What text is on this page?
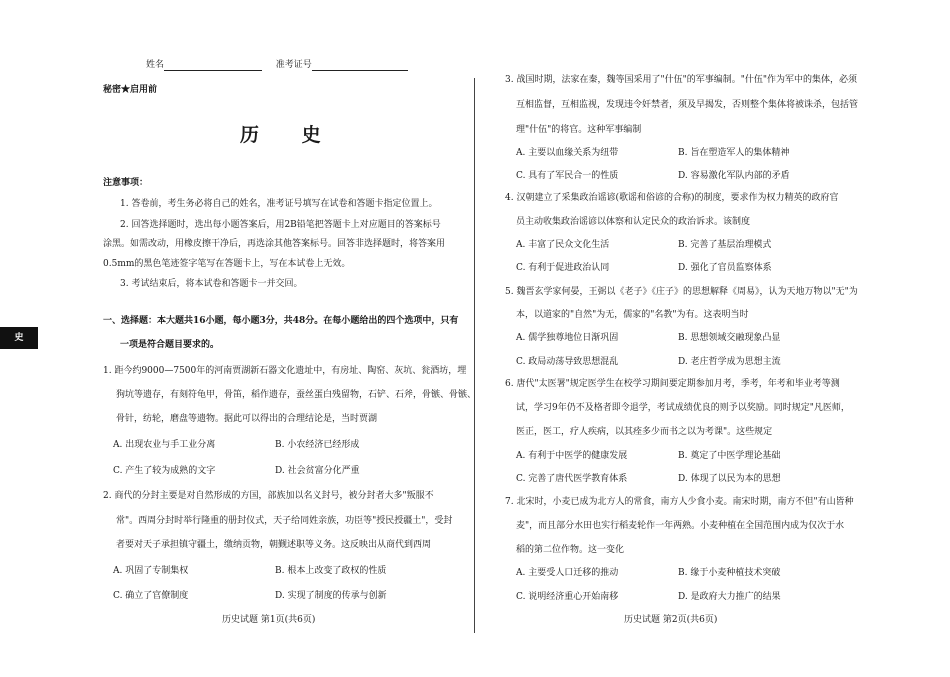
姓名	准考证号
秘密★启用前
历 史
史
注意事项：
1. 答卷前，考生务必将自己的姓名，准考证号填写在试卷和答题卡指定位置上。
2. 回答选择题时，选出每小题答案后，用2B铅笔把答题卡上对应题目的答案标号
涂黑。如需改动，用橡皮擦干净后，再选涂其他答案标号。回答非选择题时，将答案用
0.5mm的黑色笔迹签字笔写在答题卡上，写在本试卷上无效。
3. 考试结束后，将本试卷和答题卡一并交回。
一、选择题：本大题共16小题，每小题3分，共48分。在每小题给出的四个选项中，只有
一项是符合题目要求的。
1. 距今约9000—7500年的河南贾湖新石器文化遗址中，有房址、陶窑、灰坑、瓮酒坊，埋
狗坑等遗存，有刻符龟甲，骨笛，稻作遗存，蚕丝蛋白残留物，石铲、石斧，骨镞、骨镞、
骨针，纺轮，磨盘等遗物。据此可以得出的合理结论是，当时贾湖
A. 出现农业与手工业分离	B. 小农经济已经形成
C. 产生了较为成熟的文字	D. 社会贫富分化严重
2. 商代的分封主要是对自然形成的方国，部族加以名义封号，被分封者大多"叛服不
常"。西周分封时举行隆重的册封仪式，天子给同姓亲族，功臣等"授民授疆土"，受封
者要对天子承担镇守疆土，缴纳贡物，朝觐述职等义务。这反映出从商代到西周
A. 巩固了专制集权	B. 根本上改变了政权的性质
C. 确立了官僚制度	D. 实现了制度的传承与创新
3. 战国时期，法家在秦，魏等国采用了"什伍"的军事编制。"什伍"作为军中的集体，必须
互相监督，互相监视，发现违令奸禁者，须及早揭发，否则整个集体将被诛杀，包括管
理"什伍"的将官。这种军事编制
A. 主要以血缘关系为纽带	B. 旨在塑造军人的集体精神
C. 具有了军民合一的性质	D. 容易激化军队内部的矛盾
4. 汉朝建立了采集政治谣谚(歌谣和俗谚的合称)的制度，要求作为权力精英的政府官
员主动收集政治谣谚以体察和认定民众的政治诉求。该制度
A. 丰富了民众文化生活	B. 完善了基层治理模式
C. 有利于促进政治认同	D. 强化了官员监察体系
5. 魏晋玄学家何晏，王弼以《老子》《庄子》的思想解释《周易》，认为天地万物以"无"为
本，以道家的"自然"为无，儒家的"名教"为有。这表明当时
A. 儒学独尊地位日渐巩固	B. 思想领域交融现象凸显
C. 政局动荡导致思想混乱	D. 老庄哲学成为思想主流
6. 唐代"太医署"规定医学生在校学习期间要定期参加月考，季考，年考和毕业考等测
试，学习9年仍不及格者即令退学，考试成绩优良的则予以奖励。同时规定"凡医师，
医正，医工，疗人疾病，以其痊多少而书之以为考课"。这些规定
A. 有利于中医学的健康发展	B. 奠定了中医学理论基础
C. 完善了唐代医学教育体系	D. 体现了以民为本的思想
7. 北宋时，小麦已成为北方人的常食，南方人少食小麦。南宋时期，南方不但"有山皆种
麦"，而且部分水田也实行稻麦轮作一年两熟。小麦种植在全国范围内成为仅次于水
稻的第二位作物。这一变化
A. 主要受人口迁移的推动	B. 缘于小麦种植技术突破
C. 说明经济重心开始南移	D. 是政府大力推广的结果
历史试题 第1页(共6页)	历史试题 第2页(共6页)
